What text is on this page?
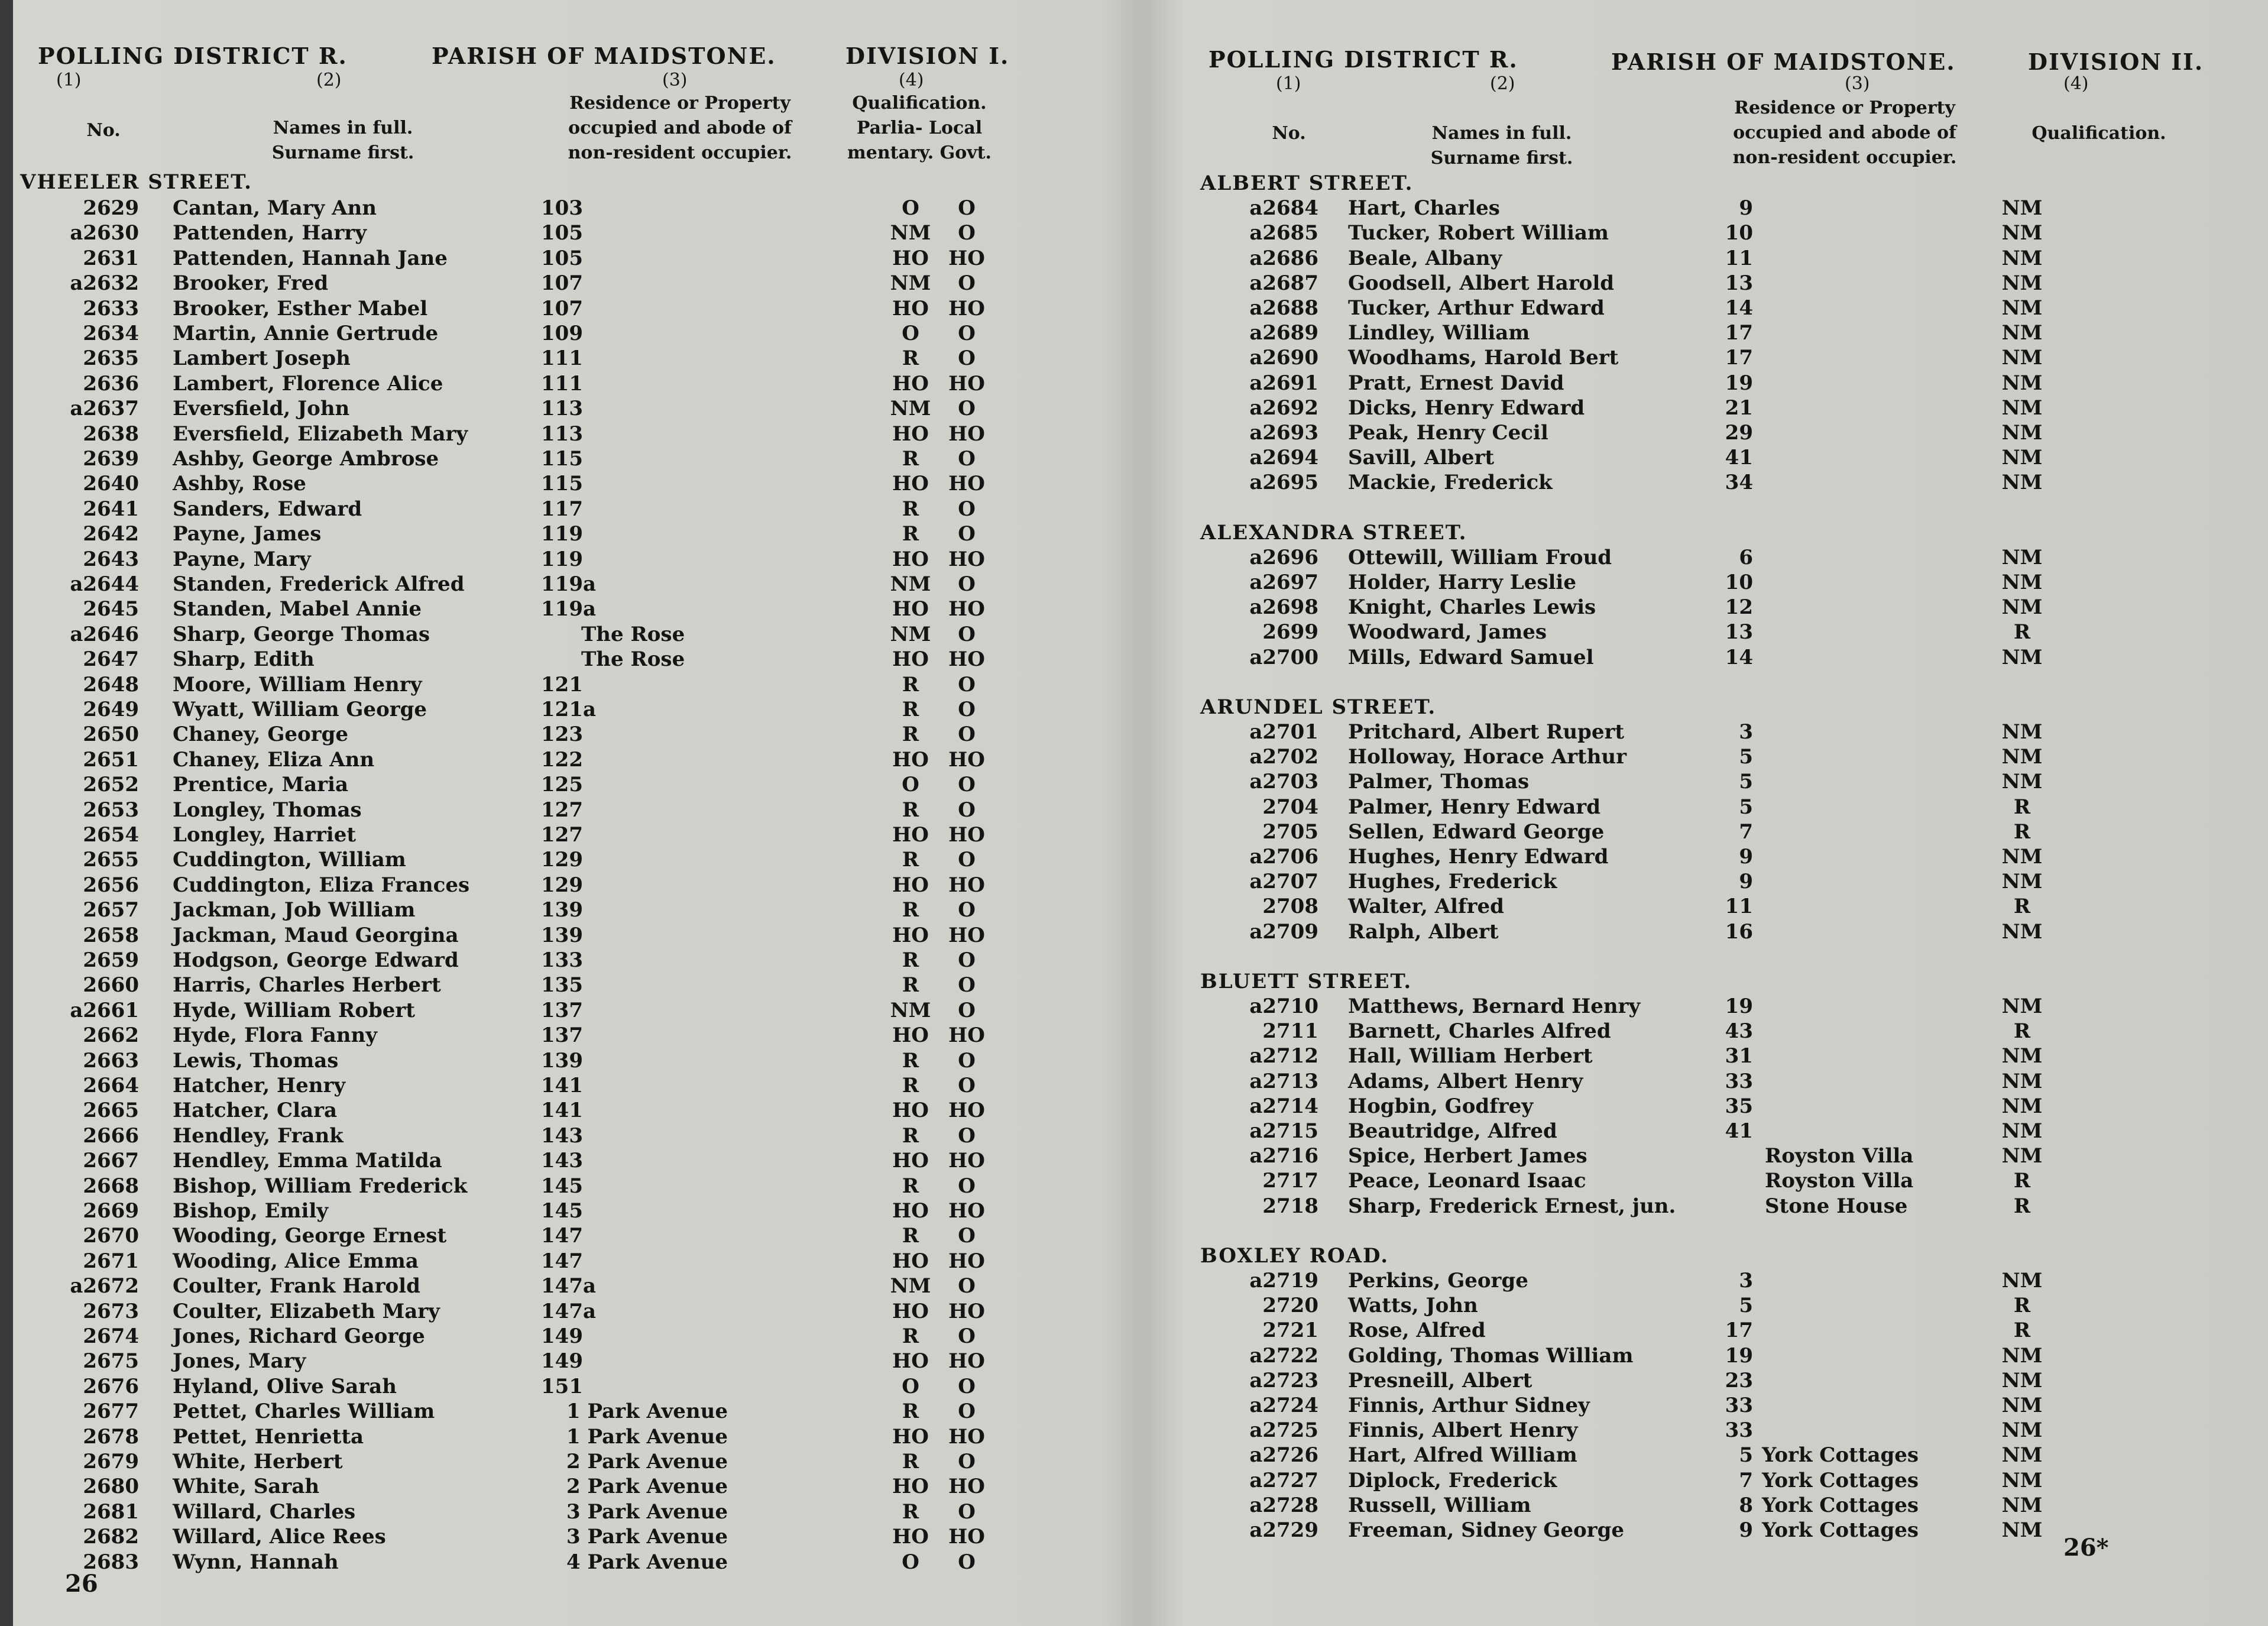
POLLING DISTRICT R.	PARISH OF MAIDSTONE.	DIVISION I.
(1)	(2)	(3)	(4)
No.	Names in full.
Surname first.
Residence or Property
occupied and abode of
non-resident occupier.
Qualification.
Parlia- Local
mentary. Govt.
VHEELER STREET.
2629 Cantan, Mary Ann	103	O	O
a2630 Pattenden, Harry	105	NM	O
2631 Pattenden, Hannah Jane	105	HO HO
a2632 Brooker, Fred	107	NM	O
2633 Brooker, Esther Mabel	107	HO HO
2634 Martin, Annie Gertrude	109	O	O
2635 Lambert Joseph	111	R	O
2636 Lambert, Florence Alice	111	HO HO
a2637 Eversfield, John	113	NM	O
2638 Eversfield, Elizabeth Mary	113	HO HO
2639 Ashby, George Ambrose	115	R	O
2640 Ashby, Rose	115	HO HO
2641 Sanders, Edward	117	R	O
2642 Payne, James	119	R	O
2643 Payne, Mary	119	HO HO
a2644 Standen, Frederick Alfred	119a	NM	O
2645 Standen, Mabel Annie	119a	HO HO
a2646 Sharp, George Thomas	The Rose	NM	O
2647 Sharp, Edith	The Rose	HO HO
2648 Moore, William Henry	121	R	O
2649 Wyatt, William George	121a	R	O
2650 Chaney, George	123	R	O
2651 Chaney, Eliza Ann	122	HO HO
2652 Prentice, Maria	125	O	O
2653 Longley, Thomas	127	R	O
2654 Longley, Harriet	127	HO HO
2655 Cuddington, William	129	R	O
2656 Cuddington, Eliza Frances	129	HO HO
2657 Jackman, Job William	139	R	O
2658 Jackman, Maud Georgina	139	HO HO
2659 Hodgson, George Edward	133	R	O
2660 Harris, Charles Herbert	135	R	O
a2661 Hyde, William Robert	137	NM	O
2662 Hyde, Flora Fanny	137	HO HO
2663 Lewis, Thomas	139	R	O
2664 Hatcher, Henry	141	R	O
2665 Hatcher, Clara	141	HO HO
2666 Hendley, Frank	143	R	O
2667 Hendley, Emma Matilda	143	HO HO
2668 Bishop, William Frederick	145	R	O
2669 Bishop, Emily	145	HO HO
2670 Wooding, George Ernest	147	R	O
2671 Wooding, Alice Emma	147	HO HO
a2672 Coulter, Frank Harold	147a	NM	O
2673 Coulter, Elizabeth Mary	147a	HO HO
2674 Jones, Richard George	149	R	O
2675 Jones, Mary	149	HO HO
2676 Hyland, Olive Sarah	151	O	O
2677 Pettet, Charles William	1 Park Avenue	R	O
2678 Pettet, Henrietta	1 Park Avenue	HO HO
2679 White, Herbert	2 Park Avenue	R	O
2680 White, Sarah	2 Park Avenue	HO HO
2681 Willard, Charles	3 Park Avenue	R	O
2682 Willard, Alice Rees	3 Park Avenue	HO HO
2683 Wynn, Hannah	4 Park Avenue	O	O
26
POLLING DISTRICT R.	PARISH OF MAIDSTONE.	DIVISION II.
(1)	(2)	(3)	(4)
No.	Names in full.
Surname first.
Residence or Property
occupied and abode of
non-resident occupier.
Qualification.
ALBERT STREET.
a2684 Hart, Charles	9	NM
a2685 Tucker, Robert William	10	NM
a2686 Beale, Albany	11	NM
a2687 Goodsell, Albert Harold	13	NM
a2688 Tucker, Arthur Edward	14	NM
a2689 Lindley, William	17	NM
a2690 Woodhams, Harold Bert	17	NM
a2691 Pratt, Ernest David	19	NM
a2692 Dicks, Henry Edward	21	NM
a2693 Peak, Henry Cecil	29	NM
a2694 Savill, Albert	41	NM
a2695 Mackie, Frederick	34	NM
ALEXANDRA STREET.
a2696 Ottewill, William Froud	6	NM
a2697 Holder, Harry Leslie	10	NM
a2698 Knight, Charles Lewis	12	NM
2699 Woodward, James	13	R
a2700 Mills, Edward Samuel	14	NM
ARUNDEL STREET.
a2701 Pritchard, Albert Rupert	3	NM
a2702 Holloway, Horace Arthur	5	NM
a2703 Palmer, Thomas	5	NM
2704 Palmer, Henry Edward	5	R
2705 Sellen, Edward George	7	R
a2706 Hughes, Henry Edward	9	NM
a2707 Hughes, Frederick	9	NM
2708 Walter, Alfred	11	R
a2709 Ralph, Albert	16	NM
BLUETT STREET.
a2710 Matthews, Bernard Henry	19	NM
2711 Barnett, Charles Alfred	43	R
a2712 Hall, William Herbert	31	NM
a2713 Adams, Albert Henry	33	NM
a2714 Hogbin, Godfrey	35	NM
a2715 Beautridge, Alfred	41	NM
a2716 Spice, Herbert James	Royston Villa	NM
2717 Peace, Leonard Isaac	Royston Villa	R
2718 Sharp, Frederick Ernest, jun.	Stone House	R
BOXLEY ROAD.
a2719 Perkins, George	3	NM
2720 Watts, John	5	R
2721 Rose, Alfred	17	R
a2722 Golding, Thomas William	19	NM
a2723 Presneill, Albert	23	NM
a2724 Finnis, Arthur Sidney	33	NM
a2725 Finnis, Albert Henry	33	NM
a2726 Hart, Alfred William	5 York Cottages	NM
a2727 Diplock, Frederick	7 York Cottages	NM
a2728 Russell, William	8 York Cottages	NM
a2729 Freeman, Sidney George	9 York Cottages	NM
26*
